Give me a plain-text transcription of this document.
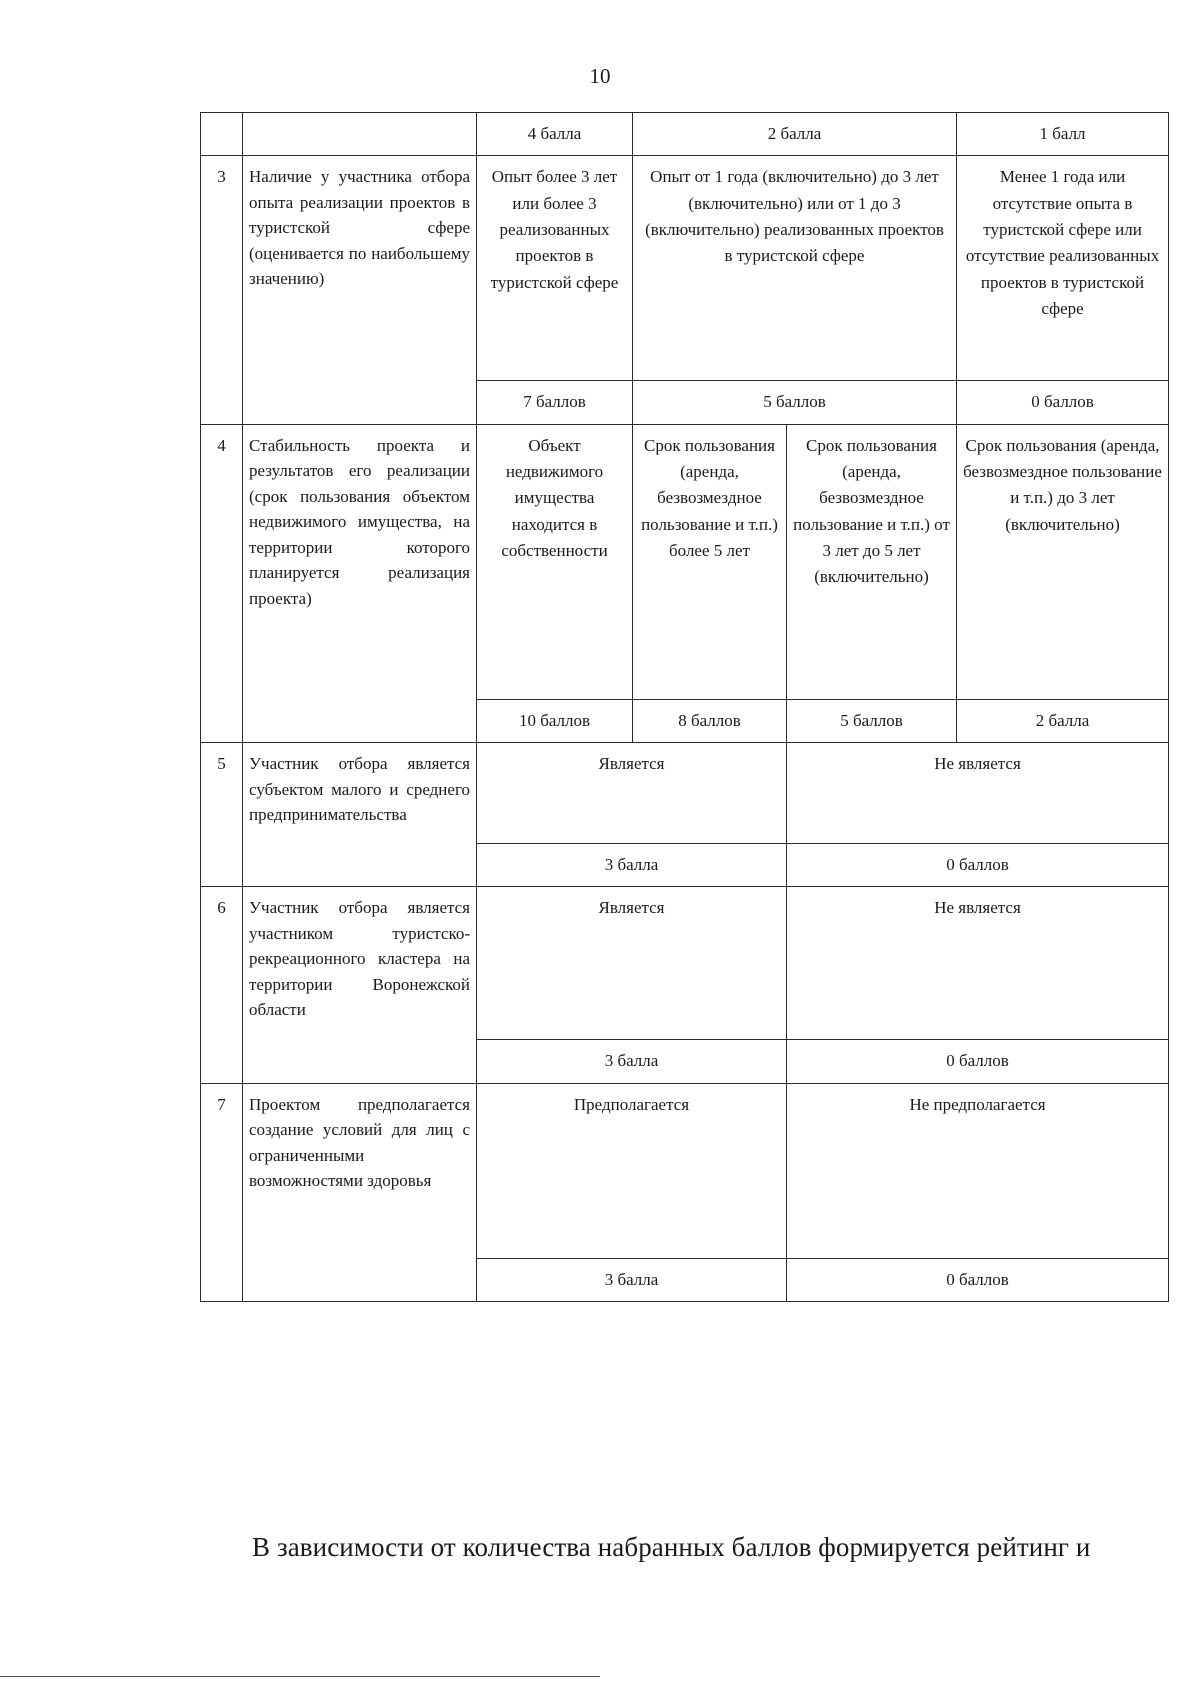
10
		4 балла	2 балла		1 балл
3	Наличие у участника отбора опыта реализации проектов в туристской сфере (оценивается по наибольшему значению)	Опыт более 3 лет или более 3 реализованных проектов в туристской сфере	Опыт от 1 года (включительно) до 3 лет (включительно) или от 1 до 3 (включительно) реализованных проектов в туристской сфере		Менее 1 года или отсутствие опыта в туристской сфере или отсутствие реализованных проектов в туристской сфере
		7 баллов	5 баллов		0 баллов
4	Стабильность проекта и результатов его реализации (срок пользования объектом недвижимого имущества, на территории которого планируется реализация проекта)	Объект недвижимого имущества находится в собственности	Срок пользования (аренда, безвозмездное пользование и т.п.) более 5 лет	Срок пользования (аренда, безвозмездное пользование и т.п.) от 3 лет до 5 лет (включительно)	Срок пользования (аренда, безвозмездное пользование и т.п.) до 3 лет (включительно)
		10 баллов	8 баллов	5 баллов	2 балла
5	Участник отбора является субъектом малого и среднего предпринимательства	Является		Не является	
		3 балла		0 баллов	
6	Участник отбора является участником туристско-рекреационного кластера на территории Воронежской области	Является		Не является	
		3 балла		0 баллов	
7	Проектом предполагается создание условий для лиц с ограниченными возможностями здоровья	Предполагается		Не предполагается	
		3 балла		0 баллов	
В зависимости от количества набранных баллов формируется рейтинг и
